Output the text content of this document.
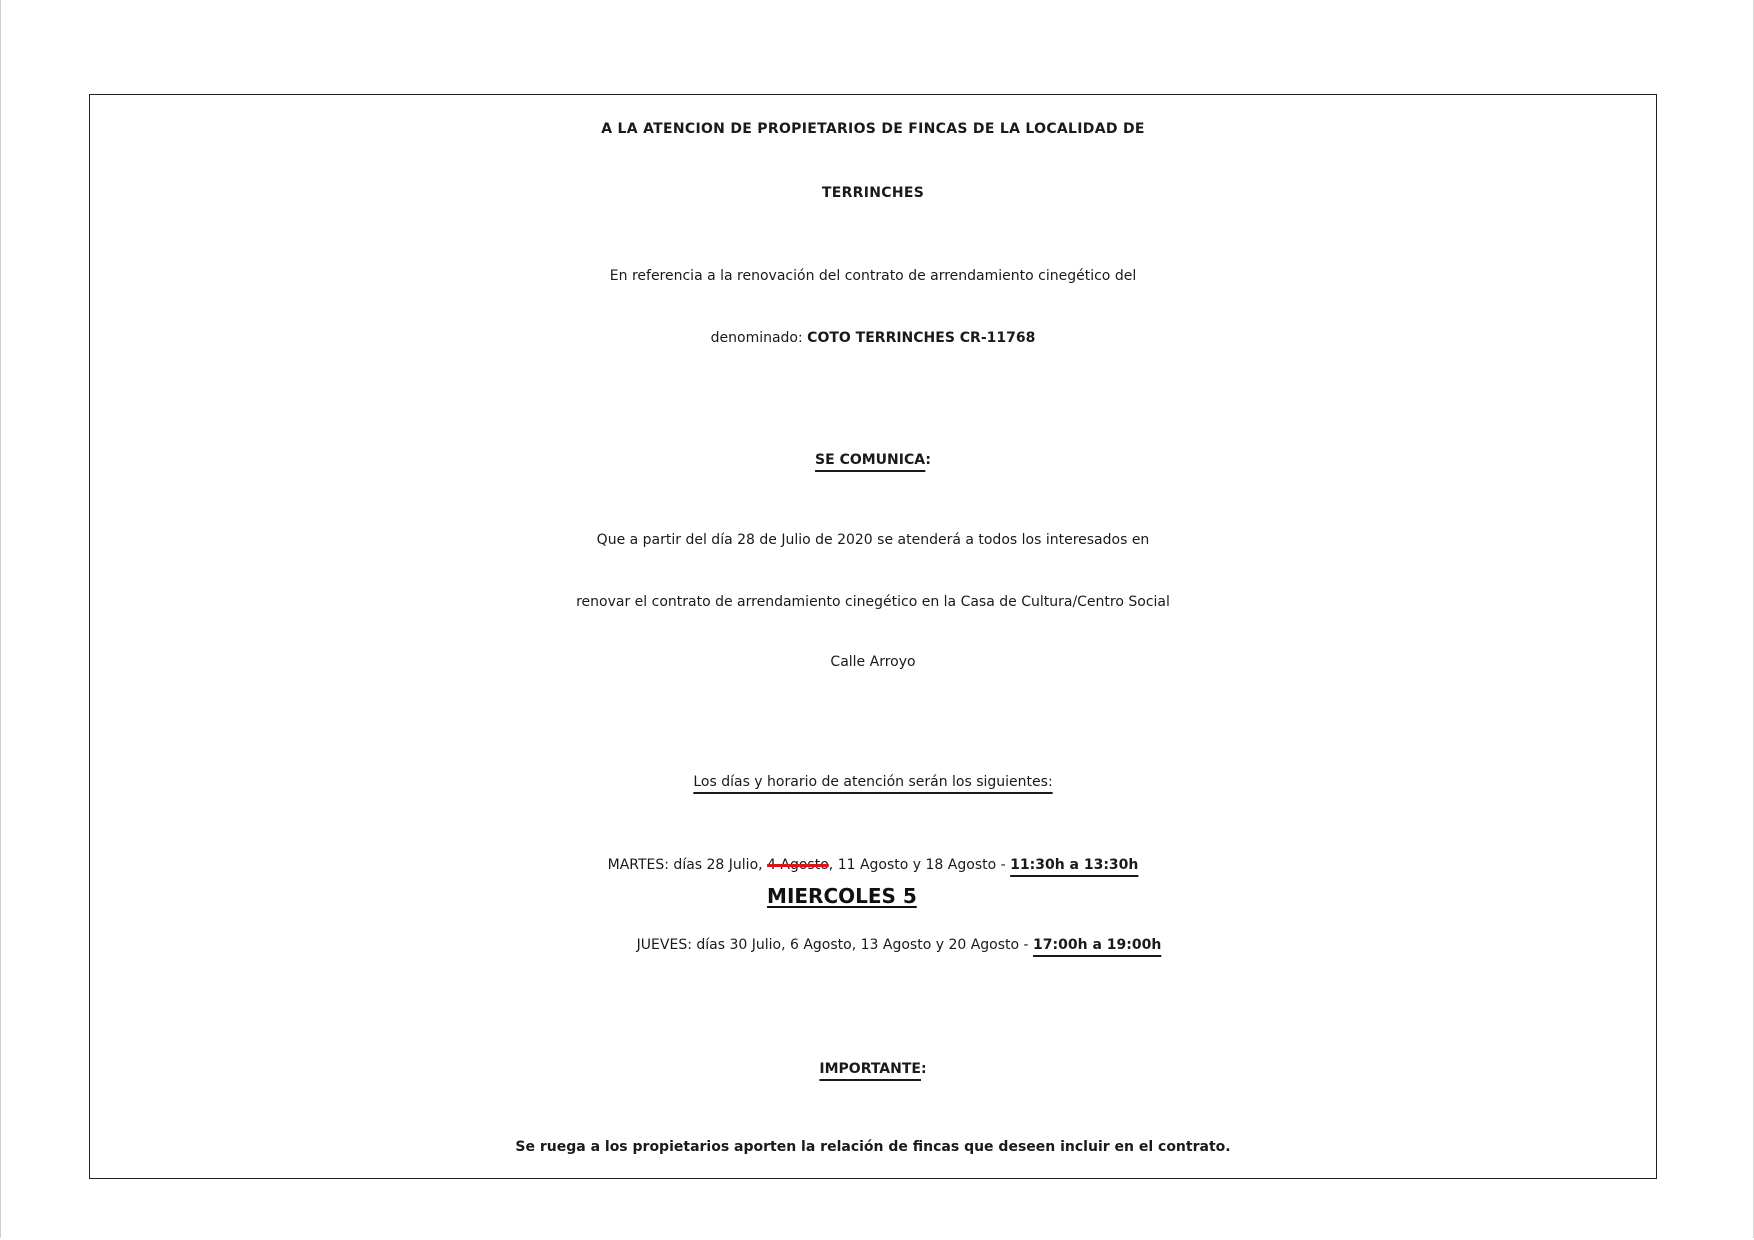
A LA ATENCION DE PROPIETARIOS DE FINCAS DE LA LOCALIDAD DE
TERRINCHES
En referencia a la renovación del contrato de arrendamiento cinegético del
denominado: COTO TERRINCHES CR-11768
SE COMUNICA:
Que a partir del día 28 de Julio de 2020 se atenderá a todos los interesados en
renovar el contrato de arrendamiento cinegético en la Casa de Cultura/Centro Social
Calle Arroyo
Los días y horario de atención serán los siguientes:
MARTES: días 28 Julio, 4 Agosto
MIERCOLES 5
, 11 Agosto y 18 Agosto - 11:30h a 13:30h
JUEVES: días 30 Julio, 6 Agosto, 13 Agosto y 20 Agosto - 17:00h a 19:00h
IMPORTANTE:
Se ruega a los propietarios aporten la relación de fincas que deseen incluir en el contrato.
